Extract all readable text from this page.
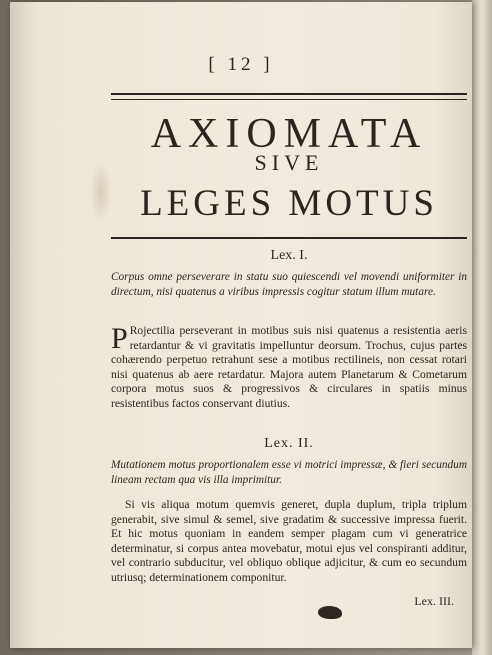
[ 12 ]
AXIOMATA
SIVE
LEGES MOTUS
Lex. I.
Corpus omne perseverare in statu suo quiescendi vel movendi uniformiter in directum, nisi quatenus a viribus impressis cogitur statum illum mutare.

P Rojectilia perseverant in motibus suis nisi quatenus a resistentia aeris retardantur & vi gravitatis impelluntur deorsum. Trochus, cujus partes cohærendo perpetuo retrahunt sese a motibus rectilineis, non cessat rotari nisi quatenus ab aere retardatur. Majora autem Planetarum & Cometarum corpora motus suos & progressivos & circulares in spatiis minus resistentibus factos conservant diutius.

Lex. II.
Mutationem motus proportionalem esse vi motrici impressæ, & fieri secundum lineam rectam qua vis illa imprimitur.

Si vis aliqua motum quemvis generet, dupla duplum, tripla triplum generabit, sive simul & semel, sive gradatim & successive impressa fuerit. Et hic motus quoniam in eandem semper plagam cum vi generatrice determinatur, si corpus antea movebatur, motui ejus vel conspiranti additur, vel contrario subducitur, vel obliquo oblique adjicitur, & cum eo secundum utriusq; determinationem componitur.

Lex. III.
